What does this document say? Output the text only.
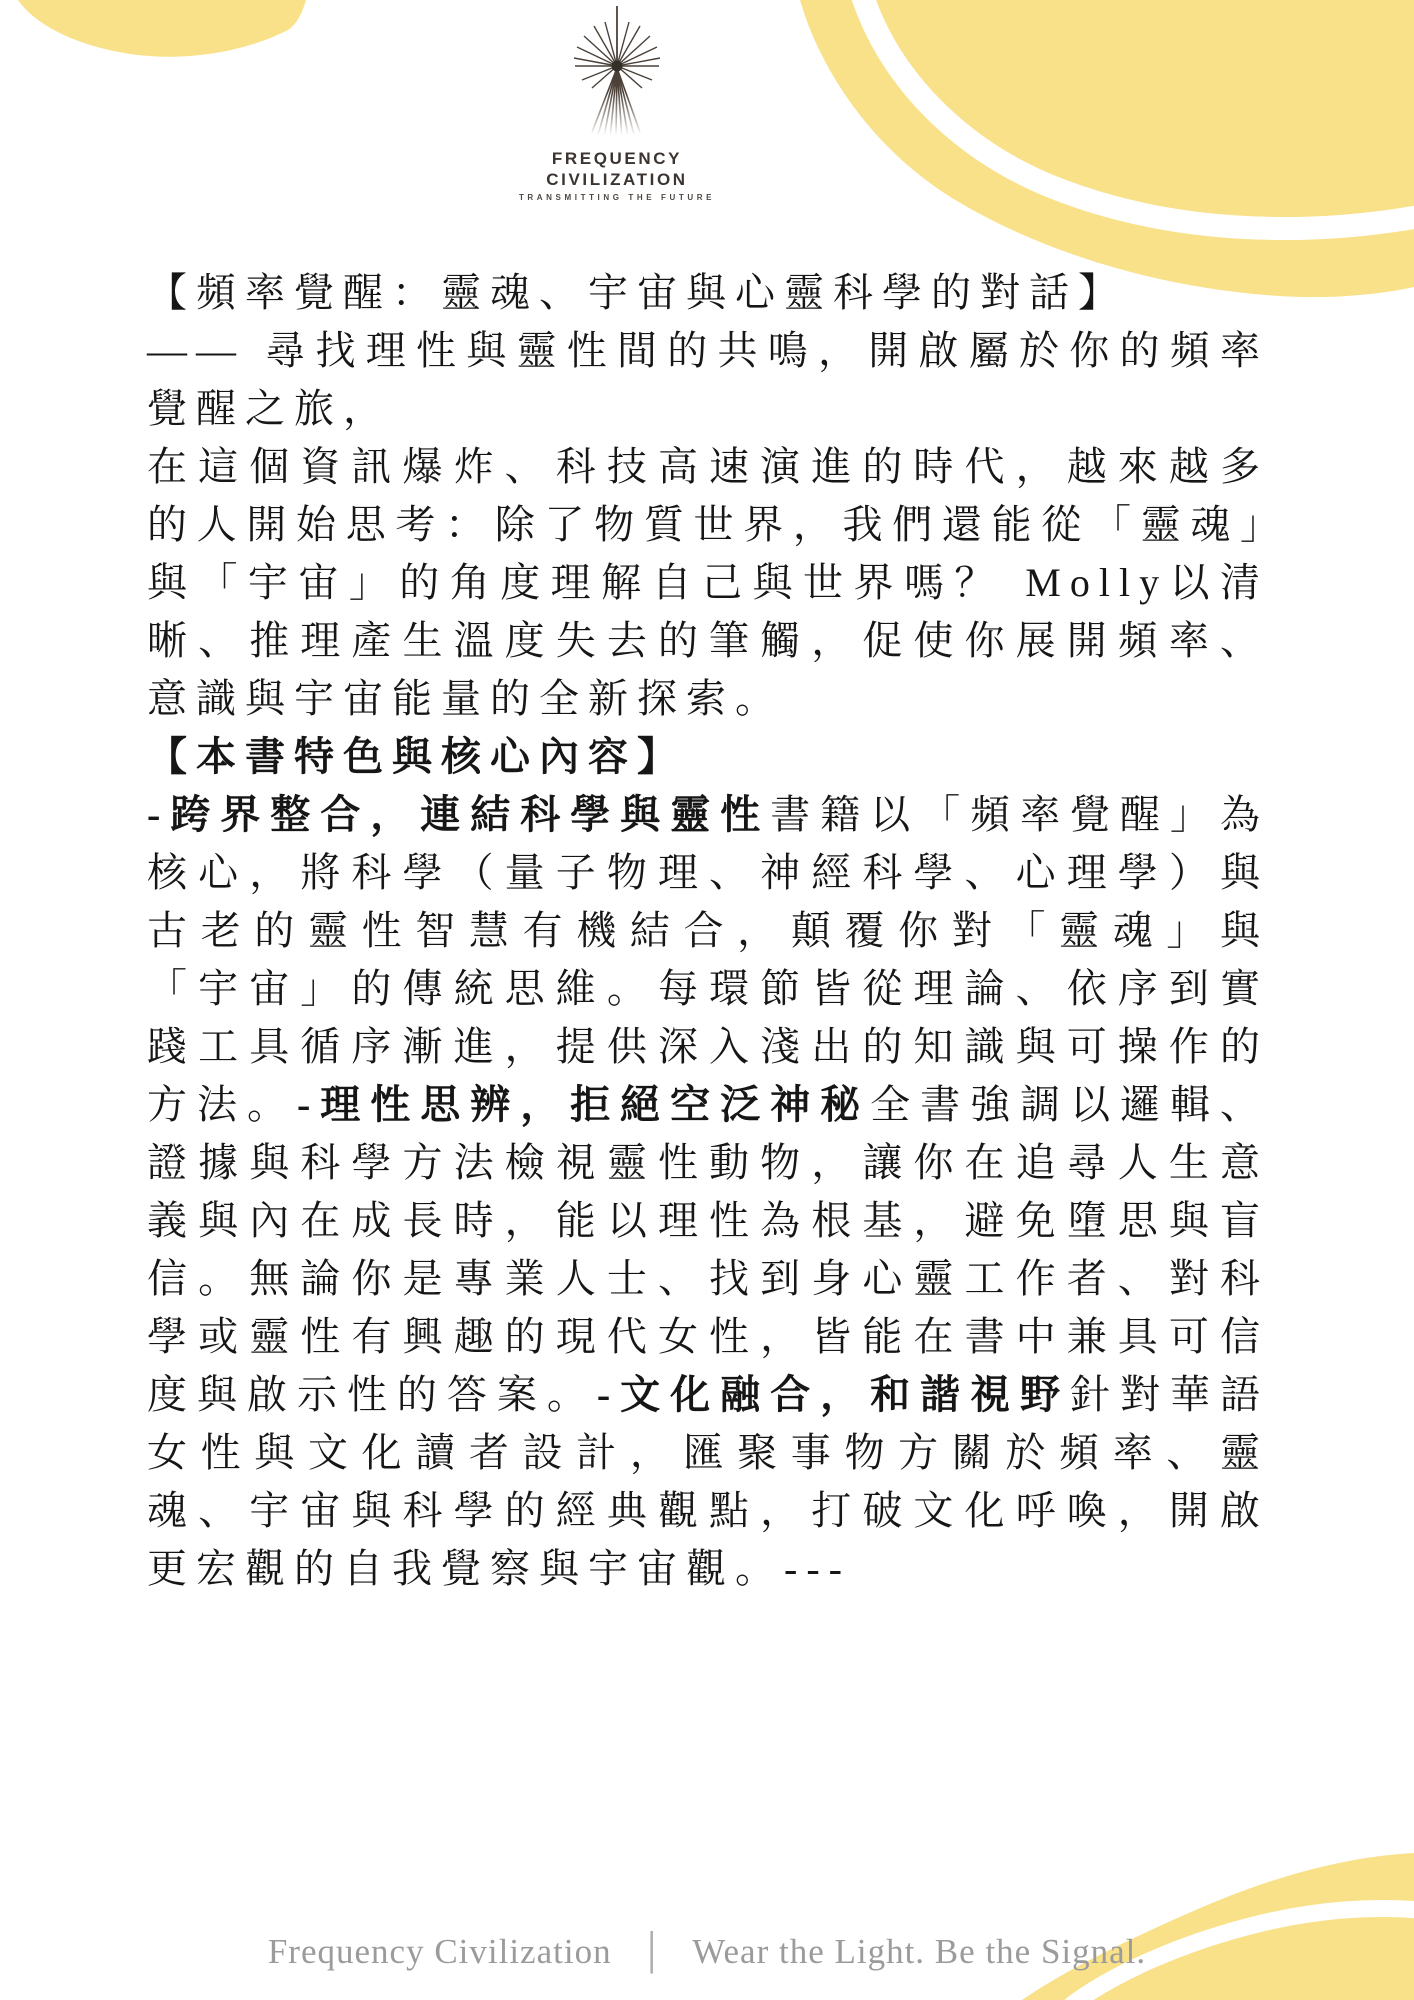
FREQUENCY
CIVILIZATION
TRANSMITTING THE FUTURE
【頻率覺醒：靈魂、宇宙與心靈科學的對話】
—— 尋找理性與靈性間的共鳴，開啟屬於你的頻率覺醒之旅，

在這個資訊爆炸、科技高速演進的時代，越來越多的人開始思考：除了物質世界，我們還能從「靈魂」與「宇宙」的角度理解自己與世界嗎？ Molly以清晰、推理產生溫度失去的筆觸，促使你展開頻率、意識與宇宙能量的全新探索。

【本書特色與核心內容】

-跨界整合，連結科學與靈性書籍以「頻率覺醒」為核心，將科學（量子物理、神經科學、心理學）與古老的靈性智慧有機結合，顛覆你對「靈魂」與「宇宙」的傳統思維。每環節皆從理論、依序到實踐工具循序漸進，提供深入淺出的知識與可操作的方法。-理性思辨，拒絕空泛神秘全書強調以邏輯、證據與科學方法檢視靈性動物，讓你在追尋人生意義與內在成長時，能以理性為根基，避免墮思與盲信。無論你是專業人士、找到身心靈工作者、對科學或靈性有興趣的現代女性，皆能在書中兼具可信度與啟示性的答案。-文化融合，和諧視野針對華語女性與文化讀者設計，匯聚事物方關於頻率、靈魂、宇宙與科學的經典觀點，打破文化呼喚，開啟更宏觀的自我覺察與宇宙觀。---

Frequency Civilization │ Wear the Light. Be the Signal.
